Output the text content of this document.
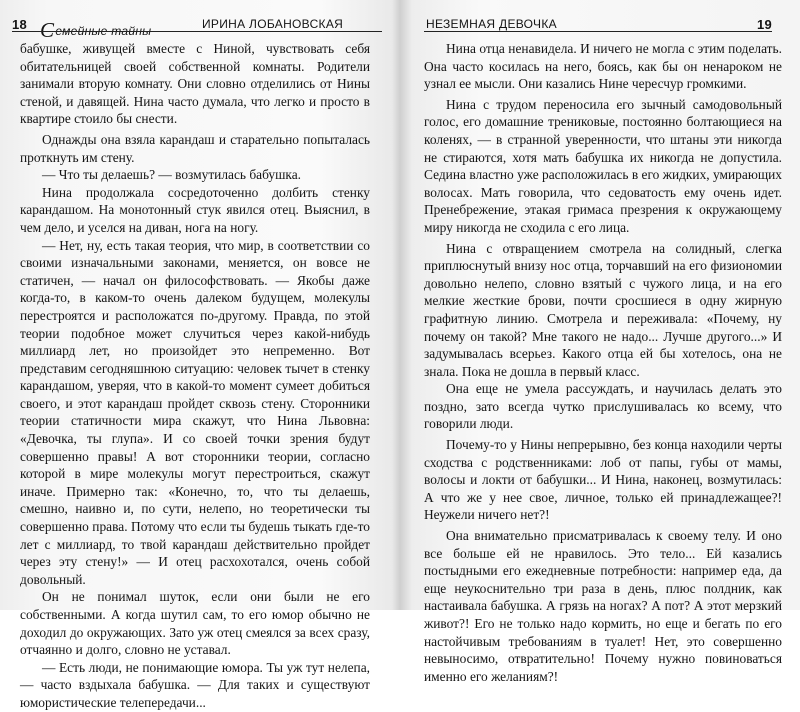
18 Семейные тайны	ИРИНА ЛОБАНОВСКАЯ

бабушке, живущей вместе с Ниной, чувствовать себя обитательницей своей собственной комнаты. Родители занимали вторую комнату. Они словно отделились от Нины стеной, и давящей. Нина часто думала, что легко и просто в квартире стоило бы снести.

Однажды она взяла карандаш и старательно попыталась проткнуть им стену.

— Что ты делаешь? — возмутилась бабушка.

Нина продолжала сосредоточенно долбить стенку карандашом. На монотонный стук явился отец. Выяснил, в чем дело, и уселся на диван, нога на ногу.

— Нет, ну, есть такая теория, что мир, в соответствии со своими изначальными законами, меняется, он вовсе не статичен, — начал он философствовать. — Якобы даже когда-то, в каком-то очень далеком будущем, молекулы перестроятся и расположатся по-другому. Правда, по этой теории подобное может случиться через какой-нибудь миллиард лет, но произойдет это непременно. Вот представим сегодняшнюю ситуацию: человек тычет в стенку карандашом, уверяя, что в какой-то момент сумеет добиться своего, и этот карандаш пройдет сквозь стену. Сторонники теории статичности мира скажут, что Нина Львовна: «Девочка, ты глупа». И со своей точки зрения будут совершенно правы! А вот сторонники теории, согласно которой в мире молекулы могут перестроиться, скажут иначе. Примерно так: «Конечно, то, что ты делаешь, смешно, наивно и, по сути, нелепо, но теоретически ты совершенно права. Потому что если ты будешь тыкать где-то лет с миллиард, то твой карандаш действительно пройдет через эту стену!» — И отец расхохотался, очень собой довольный.

Он не понимал шуток, если они были не его собственными. А когда шутил сам, то его юмор обычно не доходил до окружающих. Зато уж отец смеялся за всех сразу, отчаянно и долго, словно не уставал.

— Есть люди, не понимающие юмора. Ты уж тут нелепа, — часто вздыхала бабушка. — Для таких и существуют юмористические телепередачи...

НЕЗЕМНАЯ ДЕВОЧКА	19

Нина отца ненавидела. И ничего не могла с этим поделать. Она часто косилась на него, боясь, как бы он ненароком не узнал ее мысли. Они казались Нине чересчур громкими.

Нина с трудом переносила его зычный самодовольный голос, его домашние трениковые, постоянно болтающиеся на коленях, — в странной уверенности, что штаны эти никогда не стираются, хотя мать бабушка их никогда не допустила. Седина властно уже расположилась в его жидких, умирающих волосах. Мать говорила, что седоватость ему очень идет. Пренебрежение, этакая гримаса презрения к окружающему миру никогда не сходила с его лица.

Нина с отвращением смотрела на солидный, слегка приплюснутый внизу нос отца, торчавший на его физиономии довольно нелепо, словно взятый с чужого лица, и на его мелкие жесткие брови, почти сросшиеся в одну жирную графитную линию. Смотрела и переживала: «Почему, ну почему он такой? Мне такого не надо... Лучше другого...» И задумывалась всерьез. Какого отца ей бы хотелось, она не знала. Пока не дошла в первый класс.

Она еще не умела рассуждать, и научилась делать это поздно, зато всегда чутко прислушивалась ко всему, что говорили люди.

Почему-то у Нины непрерывно, без конца находили черты сходства с родственниками: лоб от папы, губы от мамы, волосы и локти от бабушки... И Нина, наконец, возмутилась: А что же у нее свое, личное, только ей принадлежащее?! Неужели ничего нет?!

Она внимательно присматривалась к своему телу. И оно все больше ей не нравилось. Это тело... Ей казались постыдными его ежедневные потребности: например еда, да еще неукоснительно три раза в день, плюс полдник, как настаивала бабушка. А грязь на ногах? А пот? А этот мерзкий живот?! Его не только надо кормить, но еще и бегать по его настойчивым требованиям в туалет! Нет, это совершенно невыносимо, отвратительно! Почему нужно повиноваться именно его желаниям?!
